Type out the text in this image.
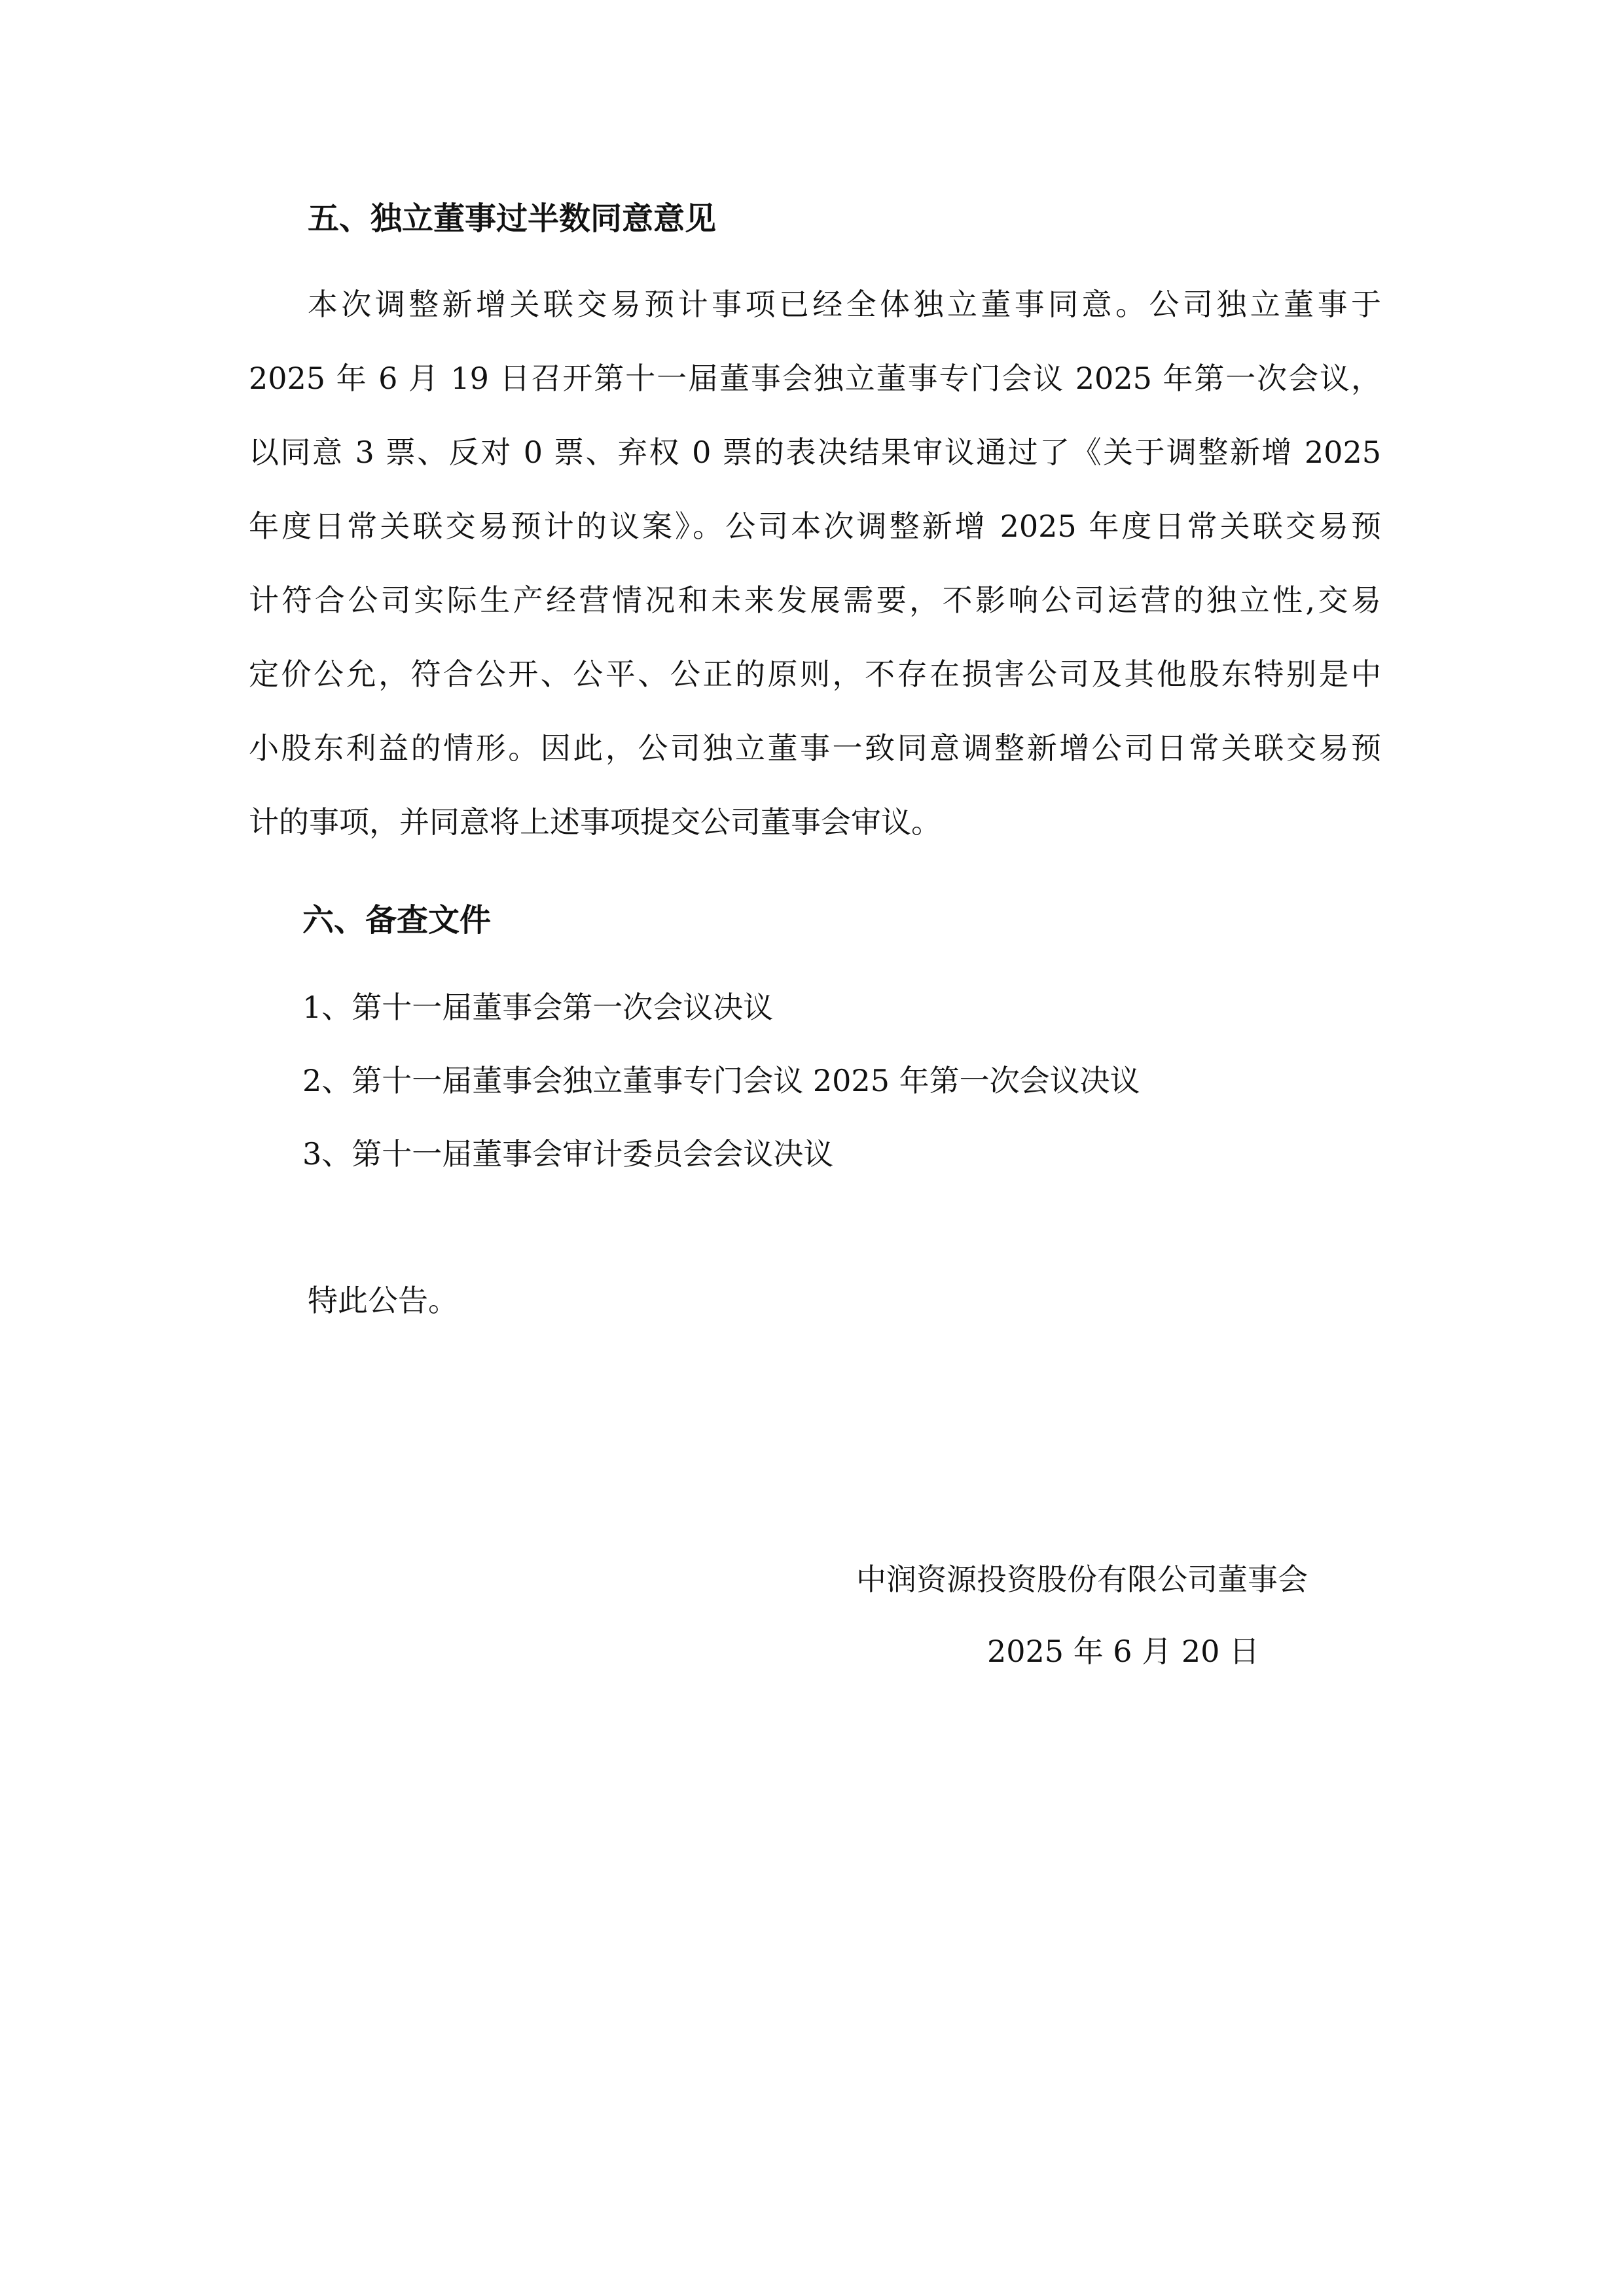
五、独立董事过半数同意意见
本次调整新增关联交易预计事项已经全体独立董事同意。公司独立董事于
2025 年 6 月 19 日召开第十一届董事会独立董事专门会议 2025 年第一次会议，
以同意 3 票、反对 0 票、弃权 0 票的表决结果审议通过了《关于调整新增 2025
年度日常关联交易预计的议案》。公司本次调整新增 2025 年度日常关联交易预
计符合公司实际生产经营情况和未来发展需要，不影响公司运营的独立性,交易
定价公允，符合公开、公平、公正的原则，不存在损害公司及其他股东特别是中
小股东利益的情形。因此，公司独立董事一致同意调整新增公司日常关联交易预
计的事项，并同意将上述事项提交公司董事会审议。
六、备查文件
1、第十一届董事会第一次会议决议
2、第十一届董事会独立董事专门会议 2025 年第一次会议决议
3、第十一届董事会审计委员会会议决议
特此公告。
中润资源投资股份有限公司董事会
2025 年 6 月 20 日
